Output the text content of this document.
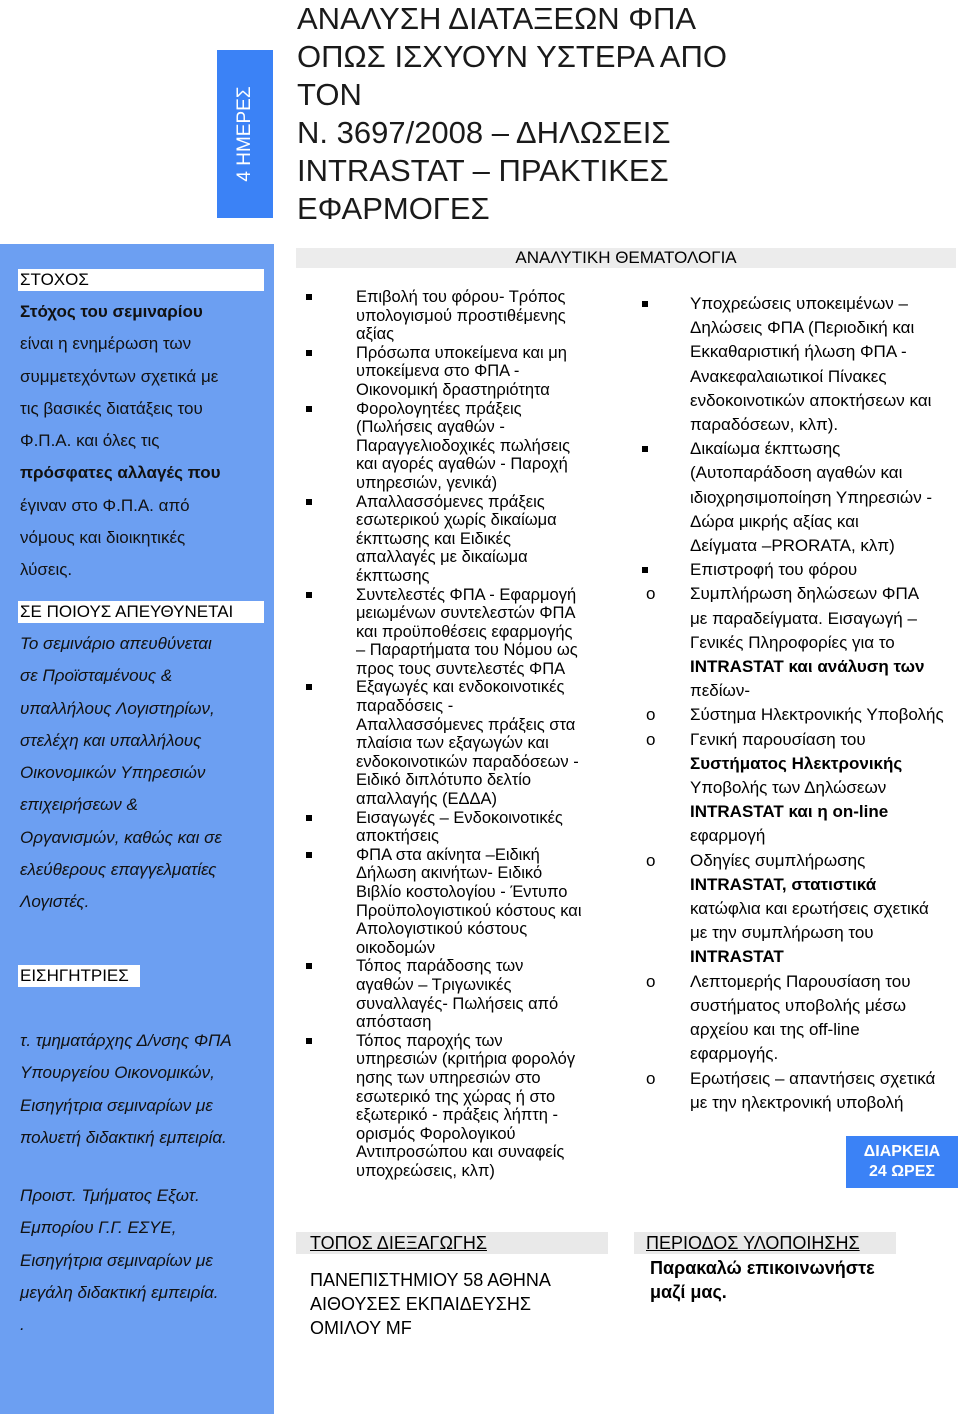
4 ΗΜΕΡΕΣ
ΑΝΑΛΥΣΗ ΔΙΑΤΑΞΕΩΝ ΦΠΑ
ΟΠΩΣ ΙΣΧΥΟΥΝ ΥΣΤΕΡΑ ΑΠΟ
ΤΟΝ
Ν. 3697/2008 – ΔΗΛΩΣΕΙΣ
INTRASTAT – ΠΡΑΚΤΙΚΕΣ
ΕΦΑΡΜΟΓΕΣ
ΣΤΟΧΟΣ
Στόχος του σεμιναρίου
είναι η ενημέρωση των
συμμετεχόντων σχετικά με
τις βασικές διατάξεις του
Φ.Π.Α. και όλες τις
πρόσφατες αλλαγές που
έγιναν στο Φ.Π.Α. από
νόμους και διοικητικές
λύσεις.
ΣΕ ΠΟΙΟΥΣ ΑΠΕΥΘΥΝΕΤΑΙ
Το σεμινάριο απευθύνεται
σε Προϊσταμένους &
υπαλλήλους Λογιστηρίων,
στελέχη και υπαλλήλους
Οικονομικών Υπηρεσιών
επιχειρήσεων &
Οργανισμών, καθώς και σε
ελεύθερους επαγγελματίες
Λογιστές.
ΕΙΣΗΓΗΤΡΙΕΣ
τ. τμηματάρχης Δ/νσης ΦΠΑ
Υπουργείου Οικονομικών,
Εισηγήτρια σεμιναρίων με
πολυετή διδακτική εμπειρία.
Προιστ. Τμήματος Εξωτ.
Εμπορίου Γ.Γ. ΕΣΥΕ,
Εισηγήτρια σεμιναρίων με
μεγάλη διδακτική εμπειρία.
.
ΑΝΑΛΥΤΙΚΗ ΘΕΜΑΤΟΛΟΓΙΑ
Επιβολή του φόρου- Τρόπος
υπολογισμού προστιθέμενης
αξίας
Πρόσωπα υποκείμενα και μη
υποκείμενα στο ΦΠΑ -
Οικονομική δραστηριότητα
Φορολογητέες πράξεις
(Πωλήσεις αγαθών -
Παραγγελιοδοχικές πωλήσεις
και αγορές αγαθών - Παροχή
υπηρεσιών, γενικά)
Απαλλασσόμενες πράξεις
εσωτερικού χωρίς δικαίωμα
έκπτωσης και Ειδικές
απαλλαγές με δικαίωμα
έκπτωσης
Συντελεστές ΦΠΑ - Εφαρμογή
μειωμένων συντελεστών ΦΠΑ
και προϋποθέσεις εφαρμογής
– Παραρτήματα του Νόμου ως
προς τους συντελεστές ΦΠΑ
Εξαγωγές και ενδοκοινοτικές
παραδόσεις -
Απαλλασσόμενες πράξεις στα
πλαίσια των εξαγωγών και
ενδοκοινοτικών παραδόσεων -
Ειδικό διπλότυπο δελτίο
απαλλαγής (ΕΔΔΑ)
Εισαγωγές – Ενδοκοινοτικές
αποκτήσεις
ΦΠΑ στα ακίνητα –Ειδική
Δήλωση ακινήτων- Ειδικό
Βιβλίο κοστολογίου - Έντυπο
Προϋπολογιστικού κόστους και
Απολογιστικού κόστους
οικοδομών
Τόπος παράδοσης των
αγαθών – Τριγωνικές
συναλλαγές- Πωλήσεις από
απόσταση
Τόπος παροχής των
υπηρεσιών (κριτήρια φορολόγ
ησης των υπηρεσιών στο
εσωτερικό της χώρας ή στο
εξωτερικό - πράξεις λήπτη -
ορισμός Φορολογικού
Αντιπροσώπου και συναφείς
υποχρεώσεις, κλπ)
Υποχρεώσεις υποκειμένων –
Δηλώσεις ΦΠΑ (Περιοδική και
Εκκαθαριστική ήλωση ΦΠΑ -
Ανακεφαλαιωτικοί Πίνακες
ενδοκοινοτικών αποκτήσεων και
παραδόσεων, κλπ).
Δικαίωμα έκπτωσης
(Αυτοπαράδοση αγαθών και
ιδιοχρησιμοποίηση Υπηρεσιών -
Δώρα μικρής αξίας και
Δείγματα –PRORATA, κλπ)
Επιστροφή του φόρου
o Συμπλήρωση δηλώσεων ΦΠΑ
με παραδείγματα. Εισαγωγή –
Γενικές Πληροφορίες για το
INTRASTAT και ανάλυση των
πεδίων-
o Σύστημα Ηλεκτρονικής Υποβολής
o Γενική παρουσίαση του
Συστήματος Ηλεκτρονικής
Υποβολής των Δηλώσεων
INTRASTAT και η on-line
εφαρμογή
o Οδηγίες συμπλήρωσης
INTRASTAT, στατιστικά
κατώφλια και ερωτήσεις σχετικά
με την συμπλήρωση του
INTRASTAT
o Λεπτομερής Παρουσίαση του
συστήματος υποβολής μέσω
αρχείου και της off-line
εφαρμογής.
o Ερωτήσεις – απαντήσεις σχετικά
με την ηλεκτρονική υποβολή
ΔΙΑΡΚΕΙΑ
24 ΩΡΕΣ
ΤΟΠΟΣ ΔΙΕΞΑΓΩΓΗΣ
ΠΑΝΕΠΙΣΤΗΜΙΟΥ 58 ΑΘΗΝΑ
ΑΙΘΟΥΣΕΣ ΕΚΠΑΙΔΕΥΣΗΣ
ΟΜΙΛΟΥ MF
ΠΕΡΙΟΔΟΣ ΥΛΟΠΟΙΗΣΗΣ
Παρακαλώ επικοινωνήστε
μαζί μας.
